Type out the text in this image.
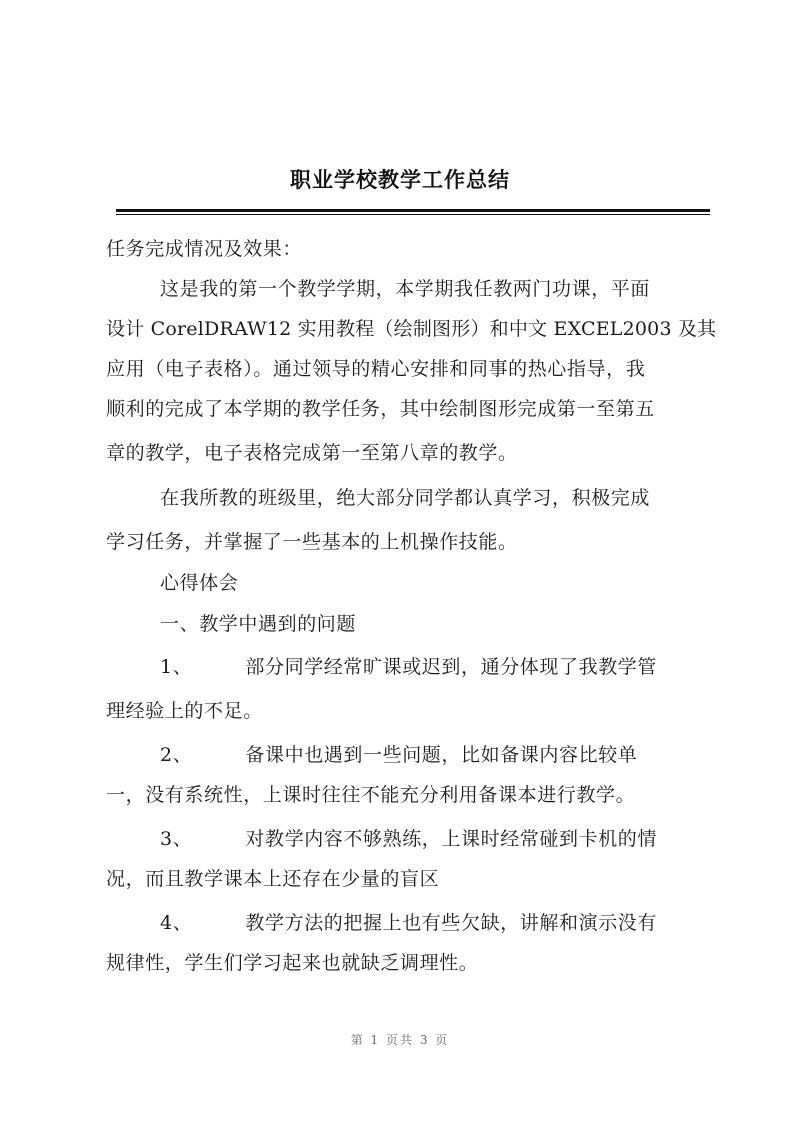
职业学校教学工作总结
任务完成情况及效果：
这是我的第一个教学学期，本学期我任教两门功课，平面
设计 CorelDRAW12 实用教程（绘制图形）和中文 EXCEL2003 及其
应用（电子表格）。通过领导的精心安排和同事的热心指导，我
顺利的完成了本学期的教学任务，其中绘制图形完成第一至第五
章的教学，电子表格完成第一至第八章的教学。
在我所教的班级里，绝大部分同学都认真学习，积极完成
学习任务，并掌握了一些基本的上机操作技能。
心得体会
一、教学中遇到的问题
1、        部分同学经常旷课或迟到，通分体现了我教学管
理经验上的不足。
2、        备课中也遇到一些问题，比如备课内容比较单
一，没有系统性，上课时往往不能充分利用备课本进行教学。
3、        对教学内容不够熟练，上课时经常碰到卡机的情
况，而且教学课本上还存在少量的盲区
4、        教学方法的把握上也有些欠缺，讲解和演示没有
规律性，学生们学习起来也就缺乏调理性。
第 1 页共 3 页
